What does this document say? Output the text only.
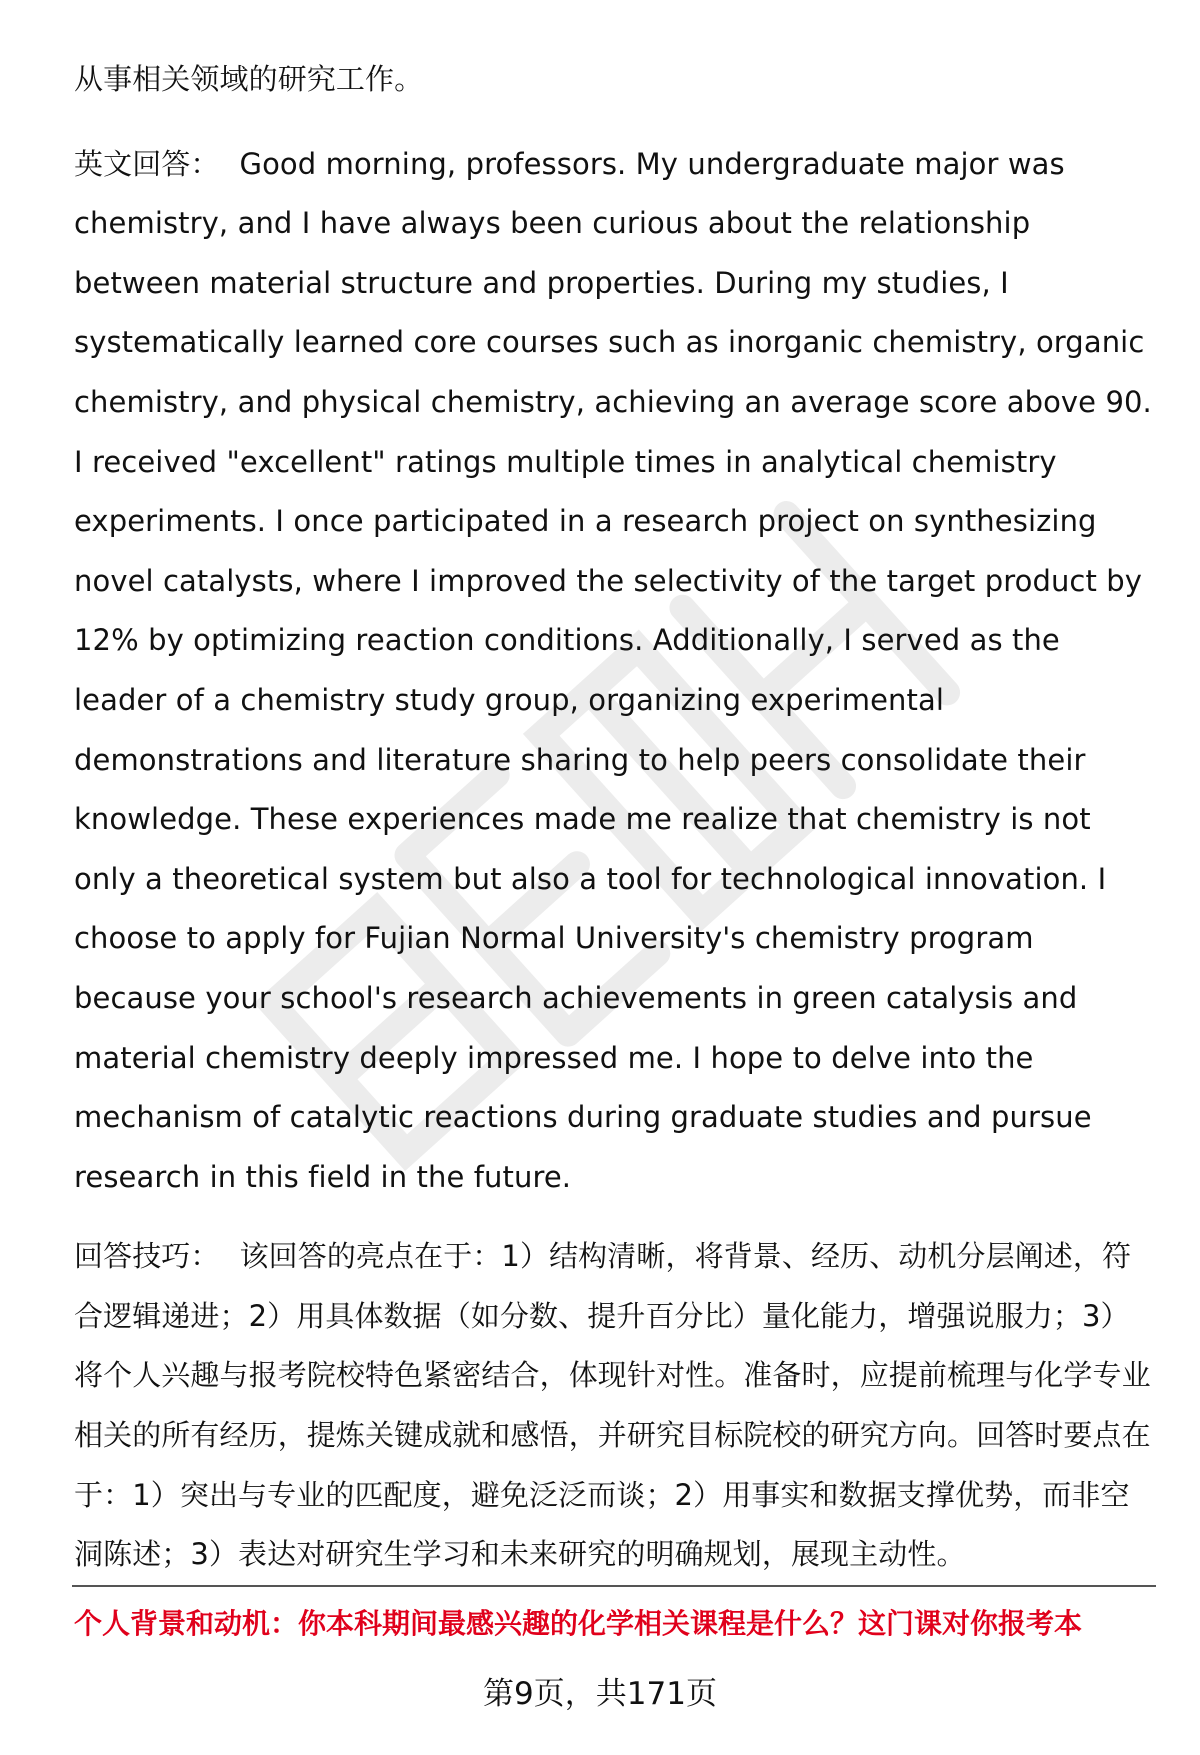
从事相关领域的研究工作。

英文回答： Good morning, professors. My undergraduate major was chemistry, and I have always been curious about the relationship between material structure and properties. During my studies, I systematically learned core courses such as inorganic chemistry, organic chemistry, and physical chemistry, achieving an average score above 90. I received "excellent" ratings multiple times in analytical chemistry experiments. I once participated in a research project on synthesizing novel catalysts, where I improved the selectivity of the target product by 12% by optimizing reaction conditions. Additionally, I served as the leader of a chemistry study group, organizing experimental demonstrations and literature sharing to help peers consolidate their knowledge. These experiences made me realize that chemistry is not only a theoretical system but also a tool for technological innovation. I choose to apply for Fujian Normal University's chemistry program because your school's research achievements in green catalysis and material chemistry deeply impressed me. I hope to delve into the mechanism of catalytic reactions during graduate studies and pursue research in this field in the future.

回答技巧： 该回答的亮点在于：1）结构清晰，将背景、经历、动机分层阐述，符合逻辑递进；2）用具体数据（如分数、提升百分比）量化能力，增强说服力；3）将个人兴趣与报考院校特色紧密结合，体现针对性。准备时，应提前梳理与化学专业相关的所有经历，提炼关键成就和感悟，并研究目标院校的研究方向。回答时要点在于：1）突出与专业的匹配度，避免泛泛而谈；2）用事实和数据支撑优势，而非空洞陈述；3）表达对研究生学习和未来研究的明确规划，展现主动性。

个人背景和动机：你本科期间最感兴趣的化学相关课程是什么？这门课对你报考本
第9页，共171页
